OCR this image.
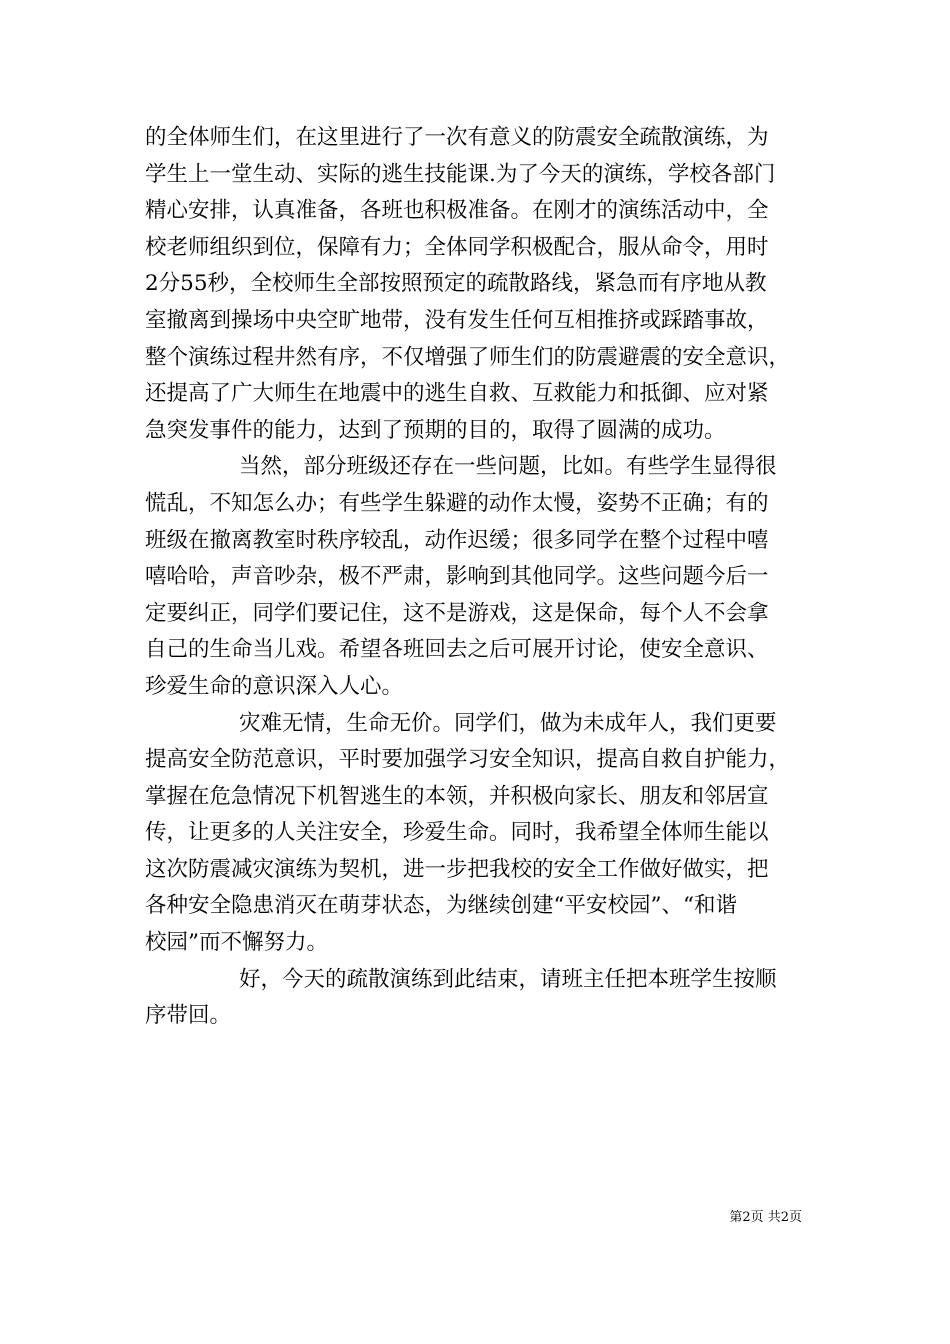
的全体师生们，在这里进行了一次有意义的防震安全疏散演练，为
学生上一堂生动、实际的逃生技能课.为了今天的演练，学校各部门
精心安排，认真准备，各班也积极准备。在刚才的演练活动中，全
校老师组织到位，保障有力；全体同学积极配合，服从命令，用时
2分55秒，全校师生全部按照预定的疏散路线，紧急而有序地从教
室撤离到操场中央空旷地带，没有发生任何互相推挤或踩踏事故，
整个演练过程井然有序，不仅增强了师生们的防震避震的安全意识，
还提高了广大师生在地震中的逃生自救、互救能力和抵御、应对紧
急突发事件的能力，达到了预期的目的，取得了圆满的成功。
当然，部分班级还存在一些问题，比如。有些学生显得很
慌乱，不知怎么办；有些学生躲避的动作太慢，姿势不正确；有的
班级在撤离教室时秩序较乱，动作迟缓；很多同学在整个过程中嘻
嘻哈哈，声音吵杂，极不严肃，影响到其他同学。这些问题今后一
定要纠正，同学们要记住，这不是游戏，这是保命，每个人不会拿
自己的生命当儿戏。希望各班回去之后可展开讨论，使安全意识、
珍爱生命的意识深入人心。
灾难无情，生命无价。同学们，做为未成年人，我们更要
提高安全防范意识，平时要加强学习安全知识，提高自救自护能力，
掌握在危急情况下机智逃生的本领，并积极向家长、朋友和邻居宣
传，让更多的人关注安全，珍爱生命。同时，我希望全体师生能以
这次防震减灾演练为契机，进一步把我校的安全工作做好做实，把
各种安全隐患消灭在萌芽状态，为继续创建“平安校园”、“和谐
校园”而不懈努力。
好，今天的疏散演练到此结束，请班主任把本班学生按顺
序带回。
第2页 共2页
